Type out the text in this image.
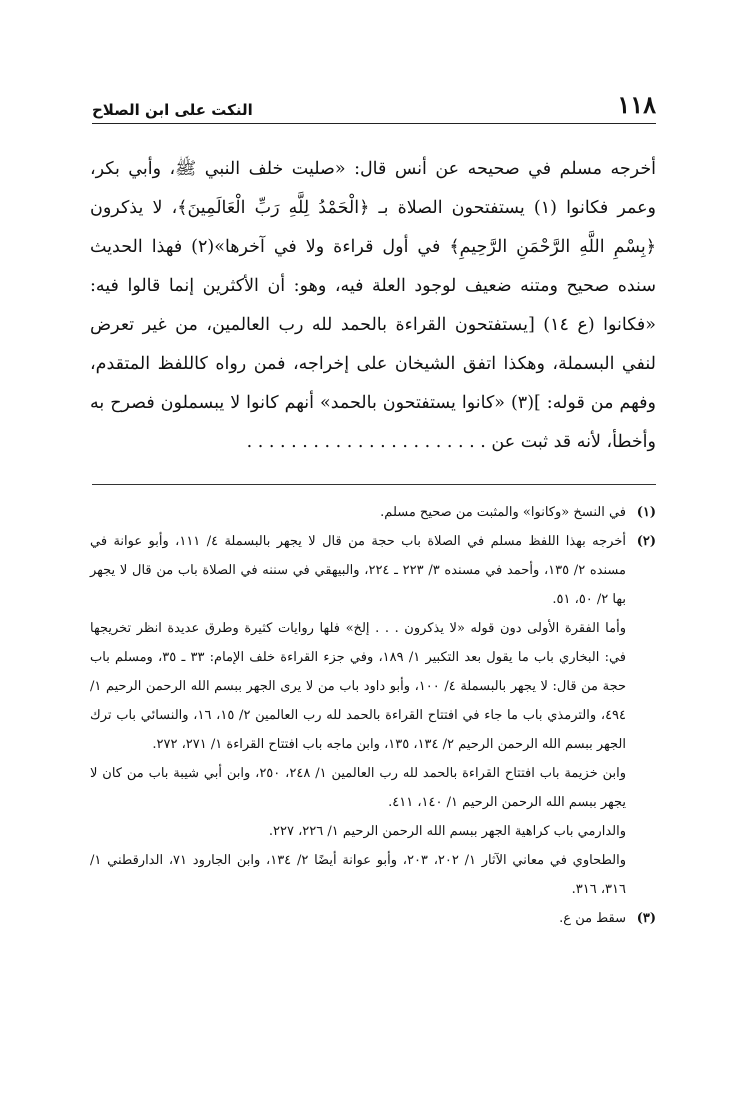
١١٨
النكت على ابن الصلاح

أخرجه مسلم في صحيحه عن أنس قال: «صليت خلف النبي ﷺ، وأبي بكر، وعمر فكانوا (١) يستفتحون الصلاة بـ ﴿الْحَمْدُ لِلَّهِ رَبِّ الْعَالَمِينَ﴾، لا يذكرون ﴿بِسْمِ اللَّهِ الرَّحْمَنِ الرَّحِيمِ﴾ في أول قراءة ولا في آخرها»(٢) فهذا الحديث سنده صحيح ومتنه ضعيف لوجود العلة فيه، وهو: أن الأكثرين إنما قالوا فيه: «فكانوا (ع ١٤) [يستفتحون القراءة بالحمد لله رب العالمين، من غير تعرض لنفي البسملة، وهكذا اتفق الشيخان على إخراجه، فمن رواه كاللفظ المتقدم، وفهم من قوله: ](٣) «كانوا يستفتحون بالحمد» أنهم كانوا لا يبسملون فصرح به وأخطأ، لأنه قد ثبت عن . . . . . . . . . . . . . . . . . . . . . .

(١)
في النسخ «وكانوا» والمثبت من صحيح مسلم.
(٢)
أخرجه بهذا اللفظ مسلم في الصلاة باب حجة من قال لا يجهر بالبسملة ٤/ ١١١، وأبو عوانة في مسنده ٢/ ١٣٥، وأحمد في مسنده ٣/ ٢٢٣ ـ ٢٢٤، والبيهقي في سننه في الصلاة باب من قال لا يجهر بها ٢/ ٥٠، ٥١.
وأما الفقرة الأولى دون قوله «لا يذكرون . . . إلخ» فلها روايات كثيرة وطرق عديدة انظر تخريجها في: البخاري باب ما يقول بعد التكبير ١/ ١٨٩، وفي جزء القراءة خلف الإمام: ٣٣ ـ ٣٥، ومسلم باب حجة من قال: لا يجهر بالبسملة ٤/ ١٠٠، وأبو داود باب من لا يرى الجهر ببسم الله الرحمن الرحيم ١/ ٤٩٤، والترمذي باب ما جاء في افتتاح القراءة بالحمد لله رب العالمين ٢/ ١٥، ١٦، والنسائي باب ترك الجهر ببسم الله الرحمن الرحيم ٢/ ١٣٤، ١٣٥، وابن ماجه باب افتتاح القراءة ١/ ٢٧١، ٢٧٢.
وابن خزيمة باب افتتاح القراءة بالحمد لله رب العالمين ١/ ٢٤٨، ٢٥٠، وابن أبي شيبة باب من كان لا يجهر ببسم الله الرحمن الرحيم ١/ ١٤٠، ٤١١.
والدارمي باب كراهية الجهر ببسم الله الرحمن الرحيم ١/ ٢٢٦، ٢٢٧.
والطحاوي في معاني الآثار ١/ ٢٠٢، ٢٠٣، وأبو عوانة أيضًا ٢/ ١٣٤، وابن الجارود ٧١، الدارقطني ١/ ٣١٦، ٣١٦.
(٣)
سقط من ع.
